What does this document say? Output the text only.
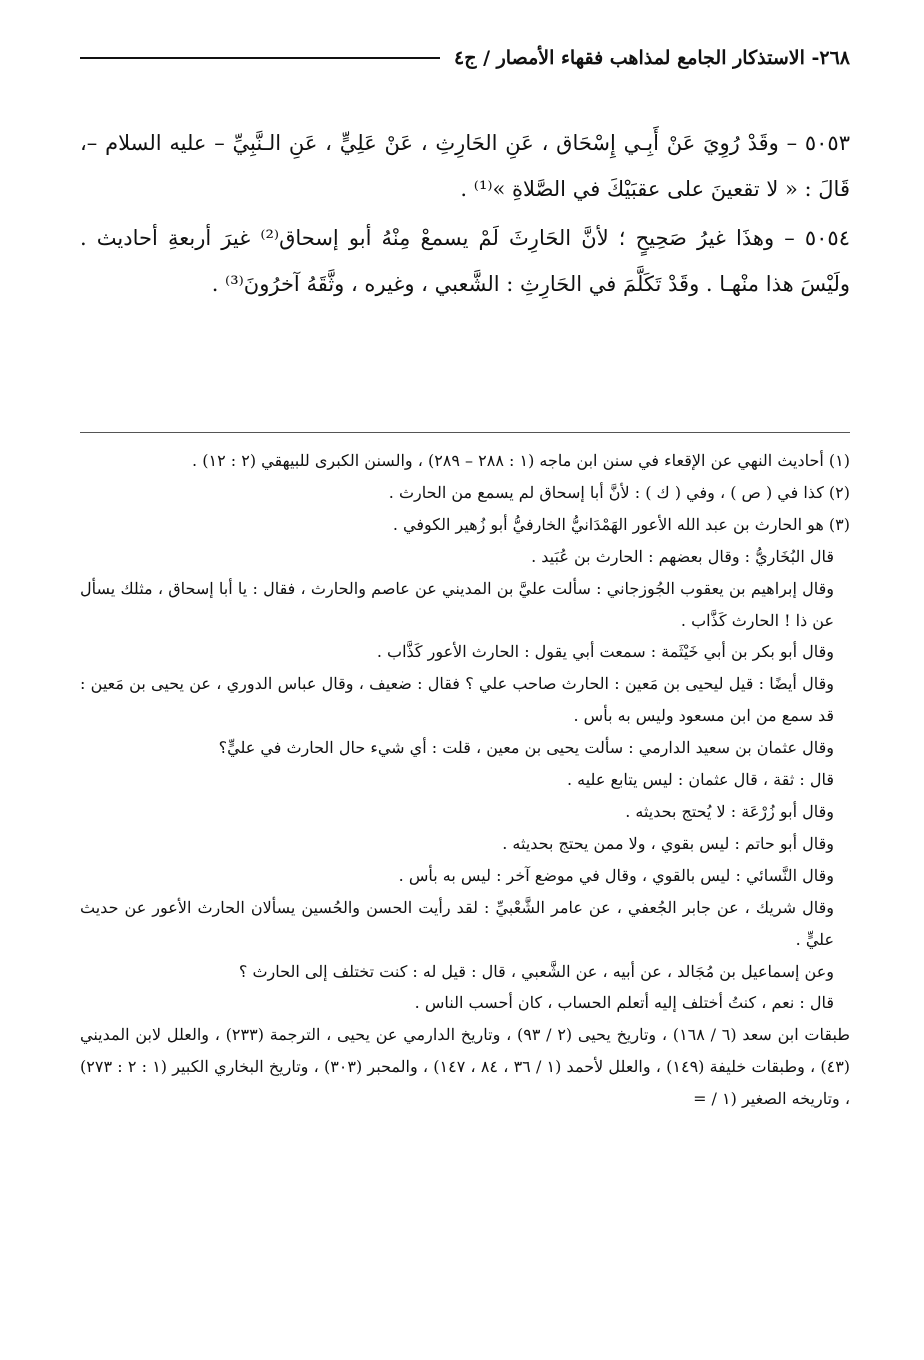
٢٦٨- الاستذكار الجامع لمذاهب فقهاء الأمصار / ج٤

٥٠٥٣ – وقَدْ رُوِيَ عَنْ أَبِـي إِسْحَاق ، عَنِ الحَارِثِ ، عَنْ عَلِيٍّ ، عَنِ الـنَّبِيِّ – عليه السلام –، قَالَ : « لا تقعينَ على عقبَيْكَ في الصَّلاةِ »⁽¹⁾ .

٥٠٥٤ – وهذَا غيرُ صَحِيحٍ ؛ لأنَّ الحَارِثَ لَمْ يسمعْ مِنْهُ أبو إسحاق⁽²⁾ غيرَ أربعةِ أحاديث . ولَيْسَ هذا منْهـا . وقَدْ تَكَلَّمَ في الحَارِثِ : الشَّعبي ، وغيره ، وثَّقَهُ آخرُونَ⁽³⁾ .

(١) أحاديث النهي عن الإقعاء في سنن ابن ماجه (١ : ٢٨٨ – ٢٨٩) ، والسنن الكبرى للبيهقي (٢ : ١٢) .

(٢) كذا في ( ص ) ، وفي ( ك ) : لأنَّ أبا إسحاق لم يسمع من الحارث .

(٣) هو الحارث بن عبد الله الأعور الهَمْدَانيُّ الخارفيُّ أبو زُهير الكوفي .

قال البُخَاريُّ : وقال بعضهم : الحارث بن عُبَيد .

وقال إبراهيم بن يعقوب الجُوزجاني : سألت عليَّ بن المديني عن عاصم والحارث ، فقال : يا أبا إسحاق ، مثلك يسأل عن ذا ! الحارث كَذَّاب .

وقال أبو بكر بن أبي خَيْثَمة : سمعت أبي يقول : الحارث الأعور كَذَّاب .

وقال أيضًا : قيل ليحيى بن مَعين : الحارث صاحب علي ؟ فقال : ضعيف ، وقال عباس الدوري ، عن يحيى بن مَعين : قد سمع من ابن مسعود وليس به بأس .

وقال عثمان بن سعيد الدارمي : سألت يحيى بن معين ، قلت : أي شيء حال الحارث في عليٍّ؟

قال : ثقة ، قال عثمان : ليس يتابع عليه .

وقال أبو زُرْعَة : لا يُحتج بحديثه .

وقال أبو حاتم : ليس بقوي ، ولا ممن يحتج بحديثه .

وقال النَّسائي : ليس بالقوي ، وقال في موضع آخر : ليس به بأس .

وقال شريك ، عن جابر الجُعفي ، عن عامر الشَّعْبيِّ : لقد رأيت الحسن والحُسين يسألان الحارث الأعور عن حديث عليٍّ .

وعن إسماعيل بن مُجَالد ، عن أبيه ، عن الشَّعبي ، قال : قيل له : كنت تختلف إلى الحارث ؟

قال : نعم ، كنتُ أختلف إليه أتعلم الحساب ، كان أحسب الناس .

طبقات ابن سعد (٦ / ١٦٨) ، وتاريخ يحيى (٢ / ٩٣) ، وتاريخ الدارمي عن يحيى ، الترجمة (٢٣٣) ، والعلل لابن المديني (٤٣) ، وطبقات خليفة (١٤٩) ، والعلل لأحمد (١ / ٣٦ ، ٨٤ ، ١٤٧) ، والمحبر (٣٠٣) ، وتاريخ البخاري الكبير (١ : ٢ : ٢٧٣) ، وتاريخه الصغير (١ / =
